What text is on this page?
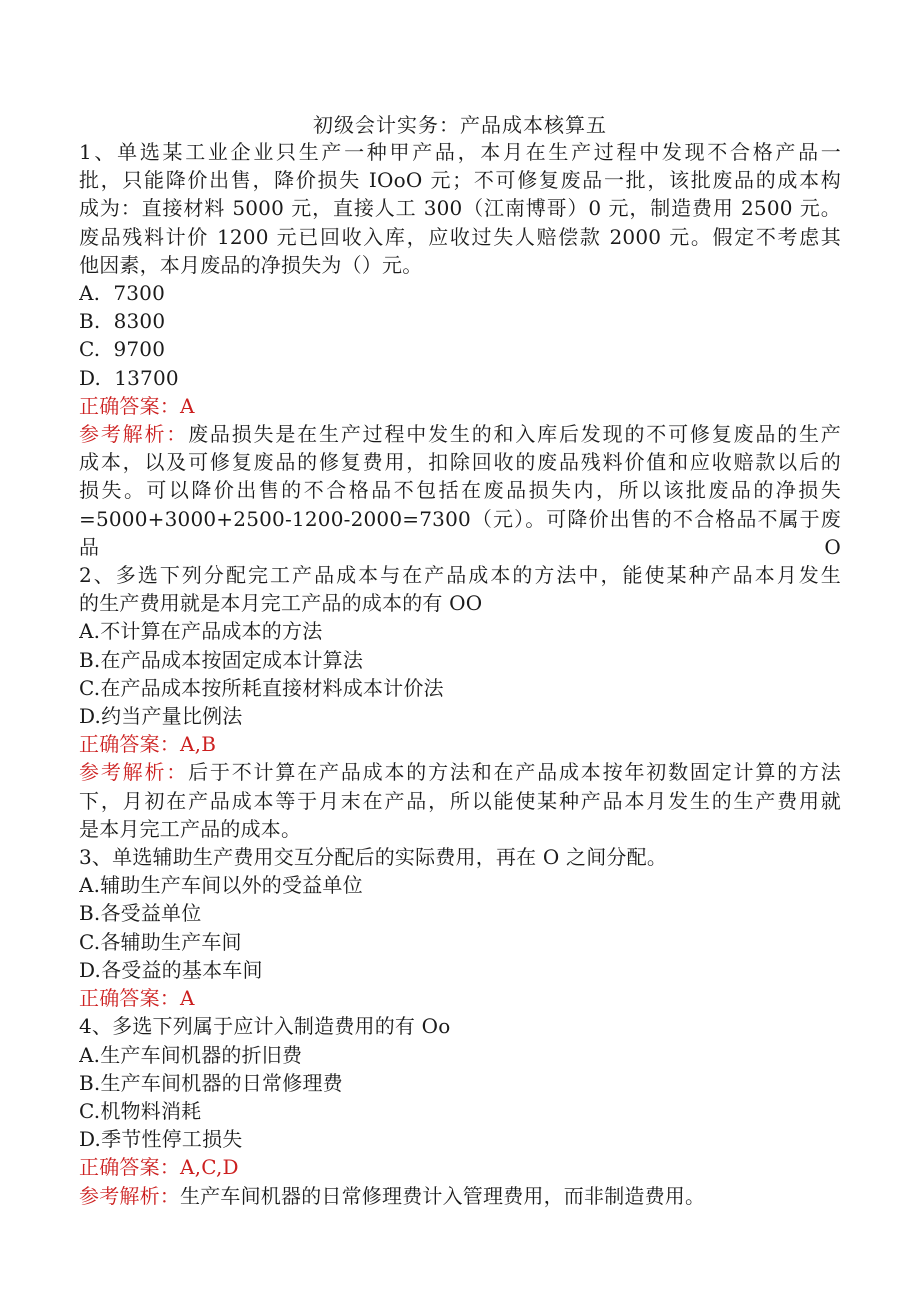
初级会计实务：产品成本核算五
1、单选某工业企业只生产一种甲产品，本月在生产过程中发现不合格产品一
批，只能降价出售，降价损失 IOoO 元；不可修复废品一批，该批废品的成本构
成为：直接材料 5000 元，直接人工 300（江南博哥）0 元，制造费用 2500 元。
废品残料计价 1200 元已回收入库，应收过失人赔偿款 2000 元。假定不考虑其
他因素，本月废品的净损失为（）元。
A.  7300
B.  8300
C.  9700
D.  13700
正确答案：A
参考解析：废品损失是在生产过程中发生的和入库后发现的不可修复废品的生产
成本，以及可修复废品的修复费用，扣除回收的废品残料价值和应收赔款以后的
损失。可以降价出售的不合格品不包括在废品损失内，所以该批废品的净损失
=5000+3000+2500-1200-2000=7300（元）。可降价出售的不合格品不属于废品 O
2、多选下列分配完工产品成本与在产品成本的方法中，能使某种产品本月发生
的生产费用就是本月完工产品的成本的有 OO
A.不计算在产品成本的方法
B.在产品成本按固定成本计算法
C.在产品成本按所耗直接材料成本计价法
D.约当产量比例法
正确答案：A,B
参考解析：后于不计算在产品成本的方法和在产品成本按年初数固定计算的方法
下，月初在产品成本等于月末在产品，所以能使某种产品本月发生的生产费用就
是本月完工产品的成本。
3、单选辅助生产费用交互分配后的实际费用，再在 O 之间分配。
A.辅助生产车间以外的受益单位
B.各受益单位
C.各辅助生产车间
D.各受益的基本车间
正确答案：A
4、多选下列属于应计入制造费用的有 Oo
A.生产车间机器的折旧费
B.生产车间机器的日常修理费
C.机物料消耗
D.季节性停工损失
正确答案：A,C,D
参考解析：生产车间机器的日常修理费计入管理费用，而非制造费用。
